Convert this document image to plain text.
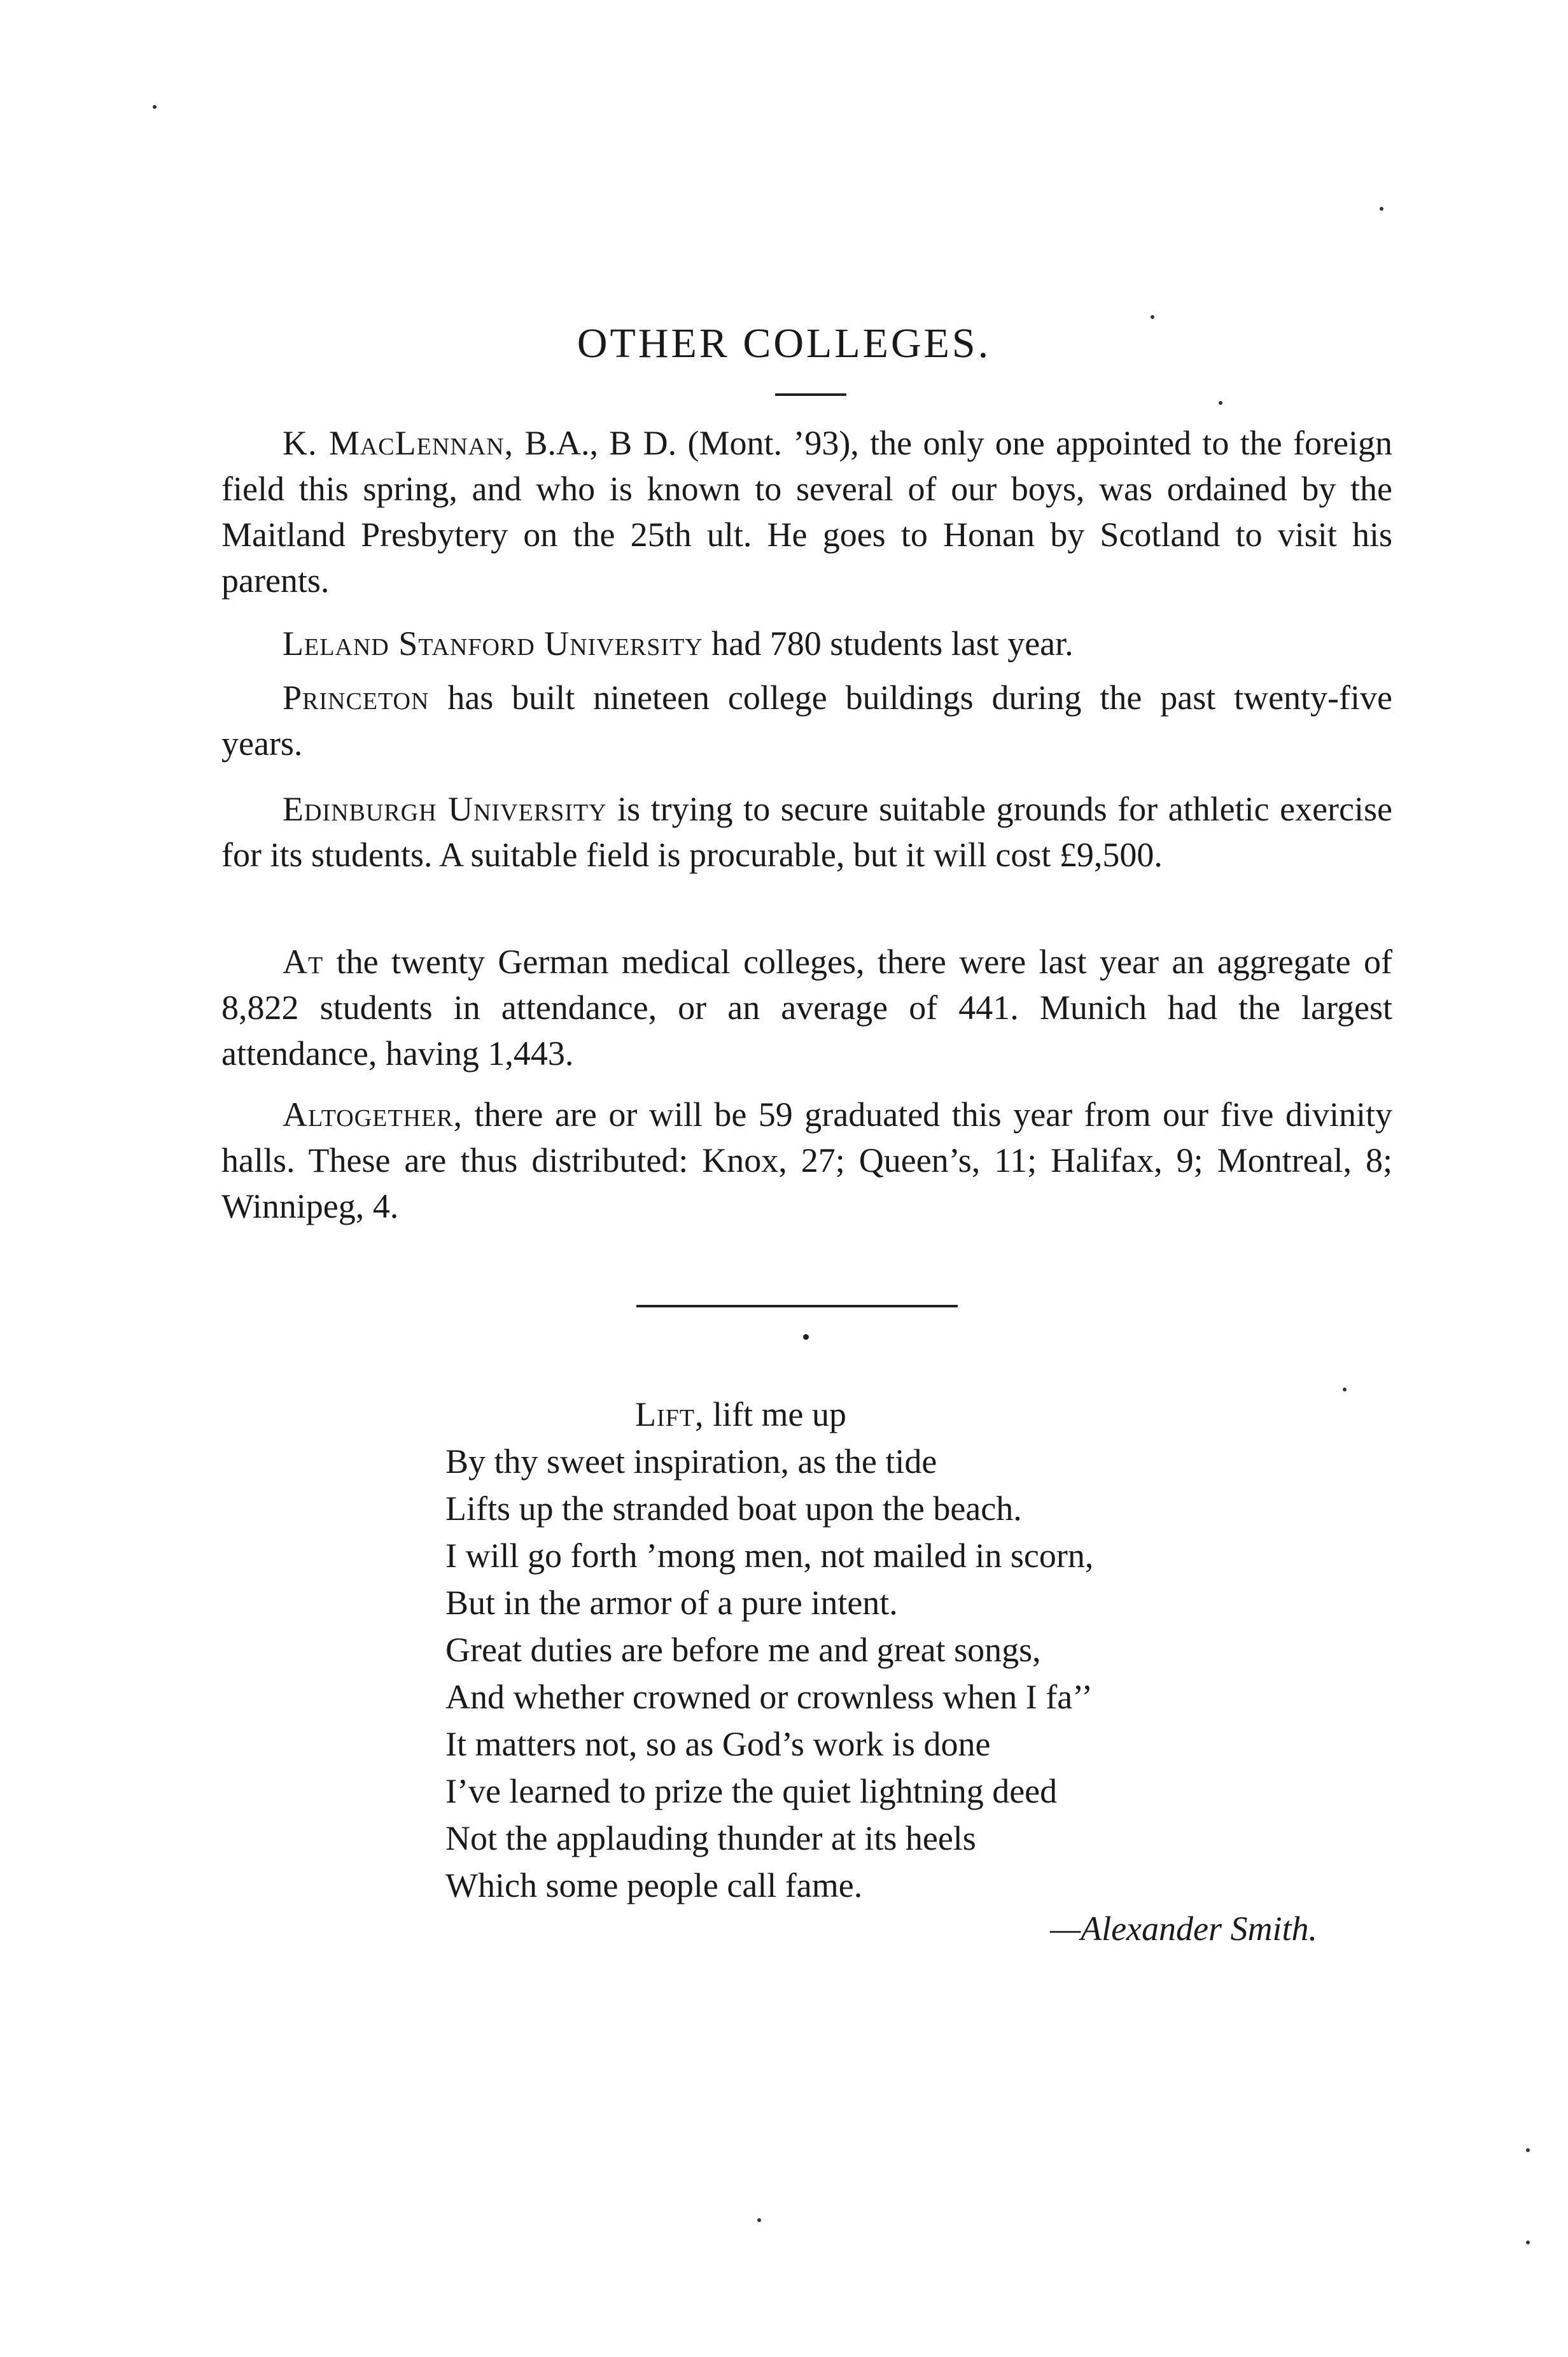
OTHER COLLEGES.

K. MacLennan, B.A., B D. (Mont. ’93), the only one appointed to the foreign field this spring, and who is known to several of our boys, was ordained by the Maitland Presbytery on the 25th ult. He goes to Honan by Scotland to visit his parents.

Leland Stanford University had 780 students last year.

Princeton has built nineteen college buildings during the past twenty-five years.

Edinburgh University is trying to secure suitable grounds for athletic exercise for its students. A suitable field is procurable, but it will cost £9,500.

At the twenty German medical colleges, there were last year an aggregate of 8,822 students in attendance, or an average of 441. Munich had the largest attendance, having 1,443.

Altogether, there are or will be 59 graduated this year from our five divinity halls. These are thus distributed: Knox, 27; Queen’s, 11; Halifax, 9; Montreal, 8; Winnipeg, 4.

Lift, lift me up
By thy sweet inspiration, as the tide
Lifts up the stranded boat upon the beach.
I will go forth ’mong men, not mailed in scorn,
But in the armor of a pure intent.
Great duties are before me and great songs,
And whether crowned or crownless when I fa’’
It matters not, so as God’s work is done
I’ve learned to prize the quiet lightning deed
Not the applauding thunder at its heels
Which some people call fame.
—Alexander Smith.
